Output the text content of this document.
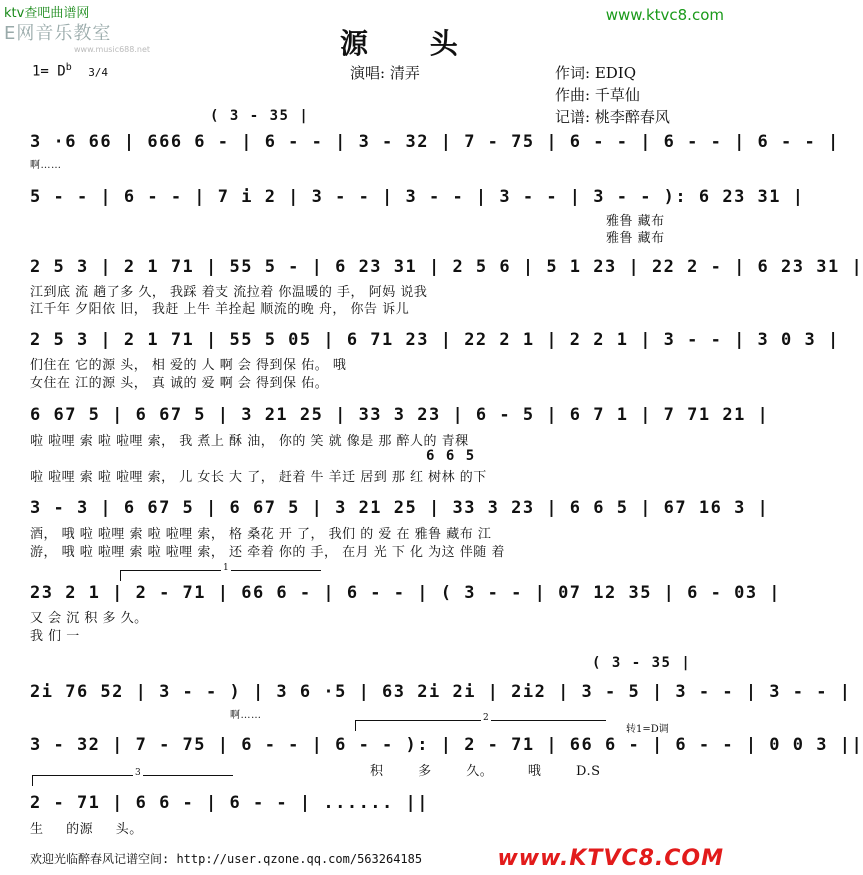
ktv查吧曲谱网
E网音乐教室
www.music688.net
www.ktvc8.com
源 头
$1= D^b$ 3/4	演唱: 清弄	作词: EDIQ
作曲: 千草仙
记谱: 桃李醉春风
( 3 - 35 |
3 ·6 66 | 666 6 - | 6 - - | 3 - 32 | 7 - 75 | 6 - - | 6 - - | 6 - - |
啊……
5 - - | 6 - - | 7 i 2 | 3 - - | 3 - - | 3 - - | 3 - - ): 6 23 31 |
雅鲁 藏布
雅鲁 藏布
2 5 3 | 2 1 71 | 55 5 - | 6 23 31 | 2 5 6 | 5 1 23 | 22 2 - | 6 23 31 |
江到底 流 趟了多 久， 我踩 着支 流拉着 你温暖的 手， 阿妈 说我
江千年 夕阳依 旧， 我赶 上牛 羊拴起 顺流的晚 舟， 你告 诉儿
2 5 3 | 2 1 71 | 55 5 05 | 6 71 23 | 22 2 1 | 2 2 1 | 3 - - | 3 0 3 |
们住在 它的源 头， 相 爱的 人 啊 会 得到保 佑。 哦
女住在 江的源 头， 真 诚的 爱 啊 会 得到保 佑。
6 67 5 | 6 67 5 | 3 21 25 | 33 3 23 | 6 - 5 | 6 7 1 | 7 71 21 |
啦 啦哩 索 啦 啦哩 索， 我 煮上 酥 油， 你的 笑 就 像是 那 醉人的 青稞
6 6 5
啦 啦哩 索 啦 啦哩 索， 儿 女长 大 了， 赶着 牛 羊迁 居到 那 红 树林 的下
3 - 3 | 6 67 5 | 6 67 5 | 3 21 25 | 33 3 23 | 6 6 5 | 67 16 3 |
酒， 哦 啦 啦哩 索 啦 啦哩 索， 格 桑花 开 了， 我们 的 爱 在 雅鲁 藏布 江
游， 哦 啦 啦哩 索 啦 啦哩 索， 还 牵着 你的 手， 在月 光 下 化 为这 伴随 着
1
23 2 1 | 2 - 71 | 66 6 - | 6 - - | ( 3 - - | 07 12 35 | 6 - 03 |
又 会 沉 积 多 久。
我 们 一
( 3 - 35 |
2i 76 52 | 3 - - ) | 3 6 ·5 | 63 2i 2i | 2i2 | 3 - 5 | 3 - - | 3 - - |
啊……	2
转1=D调
3 - 32 | 7 - 75 | 6 - - | 6 - - ): | 2 - 71 | 66 6 - | 6 - - | 0 0 3 ||
积 多 久。 哦 D.S
3
2 - 71 | 6 6 - | 6 - - | ...... ||
生 的源 头。
欢迎光临醉春风记谱空间: http://user.qzone.qq.com/563264185	www.KTVC8.COM
